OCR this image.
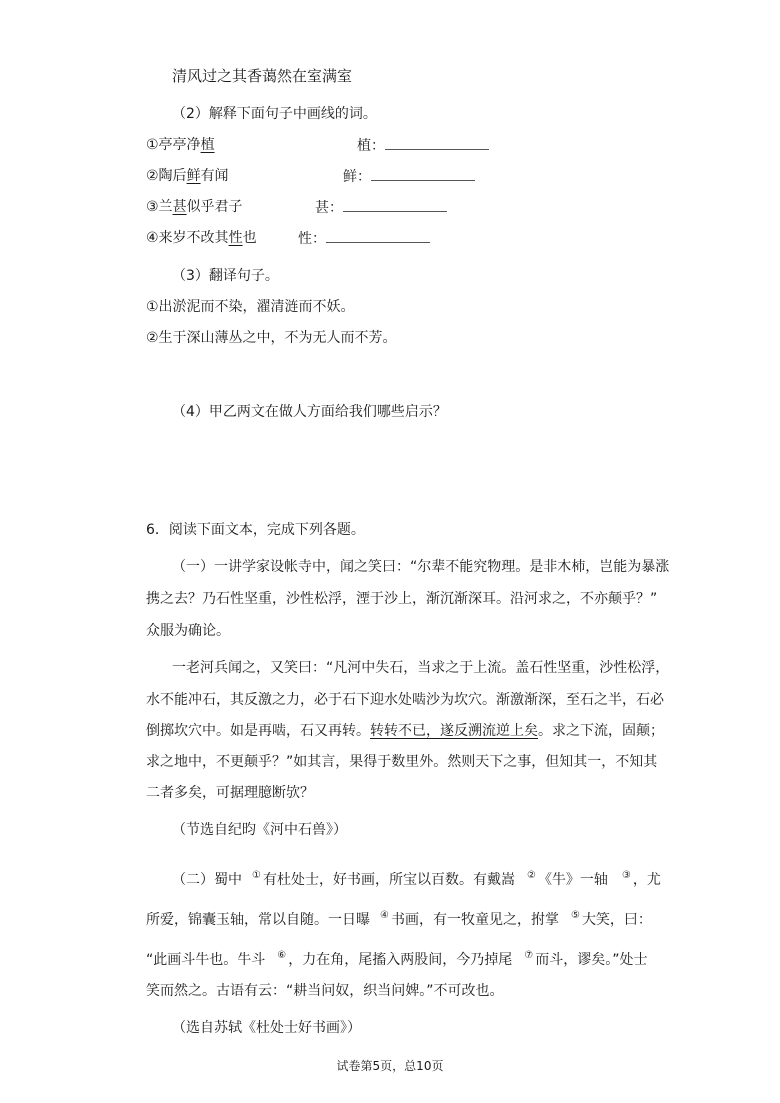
清风过之其香蔼然在室满室
（2）解释下面句子中画线的词。
①亭亭净植	植：
②陶后鲜有闻	鲜：
③兰甚似乎君子	甚：
④来岁不改其性也	性：
（3）翻译句子。
①出淤泥而不染，濯清涟而不妖。
②生于深山薄丛之中，不为无人而不芳。
（4）甲乙两文在做人方面给我们哪些启示？
6．阅读下面文本，完成下列各题。
（一）一讲学家设帐寺中，闻之笑曰：“尔辈不能究物理。是非木杮，岂能为暴涨
携之去？乃石性坚重，沙性松浮，湮于沙上，渐沉渐深耳。沿河求之，不亦颠乎？”
众服为确论。
一老河兵闻之，又笑曰：“凡河中失石，当求之于上流。盖石性坚重，沙性松浮，
水不能冲石，其反激之力，必于石下迎水处啮沙为坎穴。渐激渐深，至石之半，石必
倒掷坎穴中。如是再啮，石又再转。转转不已，遂反溯流逆上矣。求之下流，固颠；
求之地中，不更颠乎？”如其言，果得于数里外。然则天下之事，但知其一，不知其
二者多矣，可据理臆断欤？
（节选自纪昀《河中石兽》）
（二）蜀中 ① 有杜处士，好书画，所宝以百数。有戴嵩 ② 《牛》一轴 ③ ，尤
所爱，锦囊玉轴，常以自随。一日曝 ④ 书画，有一牧童见之，拊掌 ⑤ 大笑，曰：
“此画斗牛也。牛斗 ⑥ ，力在角，尾搐入两股间，今乃掉尾 ⑦ 而斗，谬矣。”处士
笑而然之。古语有云：“耕当问奴，织当问婢。”不可改也。
（选自苏轼《杜处士好书画》）
试卷第5页，总10页
